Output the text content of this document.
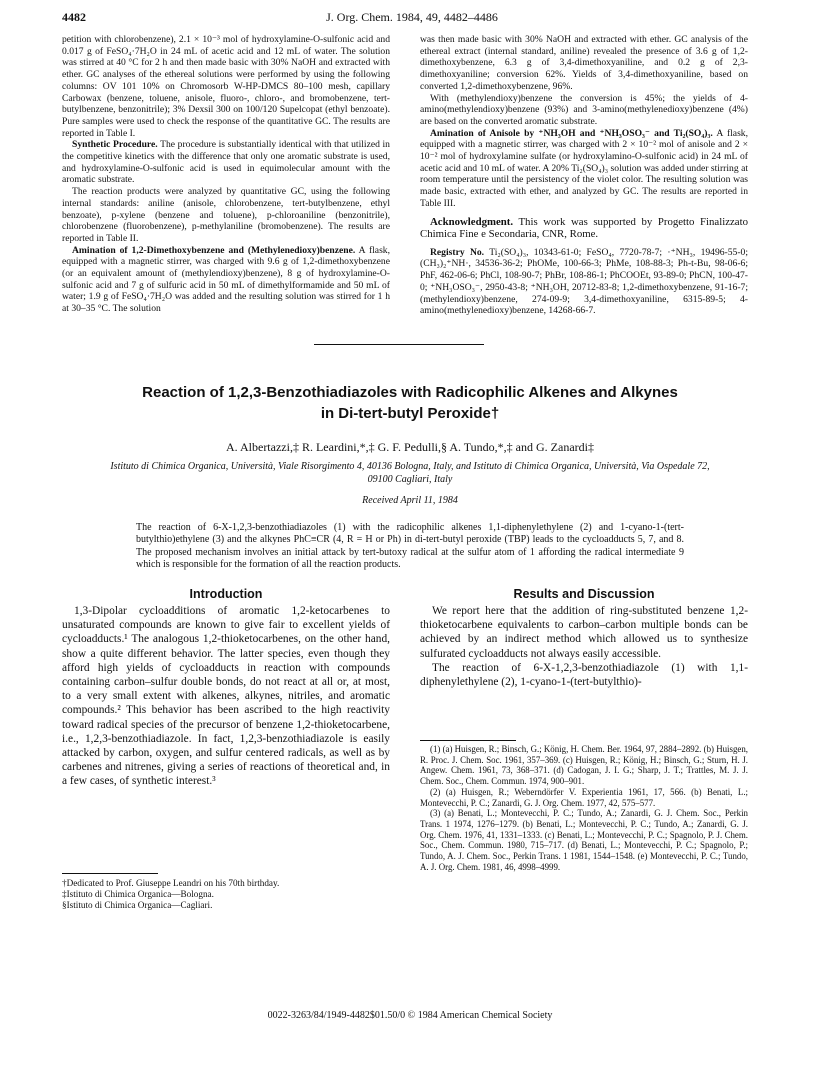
4482	J. Org. Chem. 1984, 49, 4482–4486

petition with chlorobenzene), 2.1 × 10⁻³ mol of hydroxylamine-O-sulfonic acid and 0.017 g of FeSO₄·7H₂O in 24 mL of acetic acid and 12 mL of water. The solution was stirred at 40 °C for 2 h and then made basic with 30% NaOH and extracted with ether. GC analyses of the ethereal solutions were performed by using the following columns: OV 101 10% on Chromosorb W-HP-DMCS 80–100 mesh, capillary Carbowax (benzene, toluene, anisole, fluoro-, chloro-, and bromobenzene, tert-butylbenzene, benzonitrile); 3% Dexsil 300 on 100/120 Supelcopat (ethyl benzoate). Pure samples were used to check the response of the quantitative GC. The results are reported in Table I.

Synthetic Procedure. The procedure is substantially identical with that utilized in the competitive kinetics with the difference that only one aromatic substrate is used, and hydroxylamine-O-sulfonic acid is used in equimolecular amount with the aromatic substrate.

The reaction products were analyzed by quantitative GC, using the following internal standards: aniline (anisole, chlorobenzene, tert-butylbenzene, ethyl benzoate), p-xylene (benzene and toluene), p-chloroaniline (benzonitrile), chlorobenzene (fluorobenzene), p-methylaniline (bromobenzene). The results are reported in Table II.

Amination of 1,2-Dimethoxybenzene and (Methylenedioxy)benzene. A flask, equipped with a magnetic stirrer, was charged with 9.6 g of 1,2-dimethoxybenzene (or an equivalent amount of (methylendioxy)benzene), 8 g of hydroxylamine-O-sulfonic acid and 7 g of sulfuric acid in 50 mL of dimethylformamide and 50 mL of water; 1.9 g of FeSO₄·7H₂O was added and the resulting solution was stirred for 1 h at 30–35 °C. The solution

was then made basic with 30% NaOH and extracted with ether. GC analysis of the ethereal extract (internal standard, aniline) revealed the presence of 3.6 g of 1,2-dimethoxybenzene, 6.3 g of 3,4-dimethoxyaniline, and 0.2 g of 2,3-dimethoxyaniline; conversion 62%. Yields of 3,4-dimethoxyaniline, based on converted 1,2-dimethoxybenzene, 96%.

With (methylendioxy)benzene the conversion is 45%; the yields of 4-amino(methylendioxy)benzene (93%) and 3-amino(methylenedioxy)benzene (4%) are based on the converted aromatic substrate.

Amination of Anisole by ⁺NH₃OH and ⁺NH₃OSO₃⁻ and Ti₂(SO₄)₃. A flask, equipped with a magnetic stirrer, was charged with 2 × 10⁻² mol of anisole and 2 × 10⁻² mol of hydroxylamine sulfate (or hydroxylamino-O-sulfonic acid) in 24 mL of acetic acid and 10 mL of water. A 20% Ti₂(SO₄)₃ solution was added under stirring at room temperature until the persistency of the violet color. The resulting solution was made basic, extracted with ether, and analyzed by GC. The results are reported in Table III.

Acknowledgment. This work was supported by Progetto Finalizzato Chimica Fine e Secondaria, CNR, Rome.

Registry No. Ti₂(SO₄)₃, 10343-61-0; FeSO₄, 7720-78-7; ·⁺NH₃, 19496-55-0; (CH₃)₂⁺NH·, 34536-36-2; PhOMe, 100-66-3; PhMe, 108-88-3; Ph-t-Bu, 98-06-6; PhF, 462-06-6; PhCl, 108-90-7; PhBr, 108-86-1; PhCOOEt, 93-89-0; PhCN, 100-47-0; ⁺NH₃OSO₃⁻, 2950-43-8; ⁺NH₃OH, 20712-83-8; 1,2-dimethoxybenzene, 91-16-7; (methylendioxy)benzene, 274-09-9; 3,4-dimethoxyaniline, 6315-89-5; 4-amino(methylenedioxy)benzene, 14268-66-7.

Reaction of 1,2,3-Benzothiadiazoles with Radicophilic Alkenes and Alkynes
in Di-tert-butyl Peroxide†
A. Albertazzi,‡ R. Leardini,*,‡ G. F. Pedulli,§ A. Tundo,*,‡ and G. Zanardi‡
Istituto di Chimica Organica, Università, Viale Risorgimento 4, 40136 Bologna, Italy, and Istituto di Chimica Organica, Università, Via Ospedale 72, 09100 Cagliari, Italy
Received April 11, 1984
The reaction of 6-X-1,2,3-benzothiadiazoles (1) with the radicophilic alkenes 1,1-diphenylethylene (2) and 1-cyano-1-(tert-butylthio)ethylene (3) and the alkynes PhC≡CR (4, R = H or Ph) in di-tert-butyl peroxide (TBP) leads to the cycloadducts 5, 7, and 8. The proposed mechanism involves an initial attack by tert-butoxy radical at the sulfur atom of 1 affording the radical intermediate 9 which is responsible for the formation of all the reaction products.
Introduction

1,3-Dipolar cycloadditions of aromatic 1,2-ketocarbenes to unsaturated compounds are known to give fair to excellent yields of cycloadducts.¹ The analogous 1,2-thioketocarbenes, on the other hand, show a quite different behavior. The latter species, even though they afford high yields of cycloadducts in reaction with compounds containing carbon–sulfur double bonds, do not react at all or, at most, to a very small extent with alkenes, alkynes, nitriles, and aromatic compounds.² This behavior has been ascribed to the high reactivity toward radical species of the precursor of benzene 1,2-thioketocarbene, i.e., 1,2,3-benzothiadiazole. In fact, 1,2,3-benzothiadiazole is easily attacked by carbon, oxygen, and sulfur centered radicals, as well as by carbenes and nitrenes, giving a series of reactions of theoretical and, in a few cases, of synthetic interest.³

Results and Discussion

We report here that the addition of ring-substituted benzene 1,2-thioketocarbene equivalents to carbon–carbon multiple bonds can be achieved by an indirect method which allowed us to synthesize sulfurated cycloadducts not always easily accessible.

The reaction of 6-X-1,2,3-benzothiadiazole (1) with 1,1-diphenylethylene (2), 1-cyano-1-(tert-butylthio)-

†Dedicated to Prof. Giuseppe Leandri on his 70th birthday.
‡Istituto di Chimica Organica—Bologna.
§Istituto di Chimica Organica—Cagliari.

(1) (a) Huisgen, R.; Binsch, G.; König, H. Chem. Ber. 1964, 97, 2884–2892. (b) Huisgen, R. Proc. J. Chem. Soc. 1961, 357–369. (c) Huisgen, R.; König, H.; Binsch, G.; Sturn, H. J. Angew. Chem. 1961, 73, 368–371. (d) Cadogan, J. I. G.; Sharp, J. T.; Trattles, M. J. J. Chem. Soc., Chem. Commun. 1974, 900–901.

(2) (a) Huisgen, R.; Weberndörfer V. Experientia 1961, 17, 566. (b) Benati, L.; Montevecchi, P. C.; Zanardi, G. J. Org. Chem. 1977, 42, 575–577.

(3) (a) Benati, L.; Montevecchi, P. C.; Tundo, A.; Zanardi, G. J. Chem. Soc., Perkin Trans. 1 1974, 1276–1279. (b) Benati, L.; Montevecchi, P. C.; Tundo, A.; Zanardi, G. J. Org. Chem. 1976, 41, 1331–1333. (c) Benati, L.; Montevecchi, P. C.; Spagnolo, P. J. Chem. Soc., Chem. Commun. 1980, 715–717. (d) Benati, L.; Montevecchi, P. C.; Spagnolo, P.; Tundo, A. J. Chem. Soc., Perkin Trans. 1 1981, 1544–1548. (e) Montevecchi, P. C.; Tundo, A. J. Org. Chem. 1981, 46, 4998–4999.

0022-3263/84/1949-4482$01.50/0 © 1984 American Chemical Society
